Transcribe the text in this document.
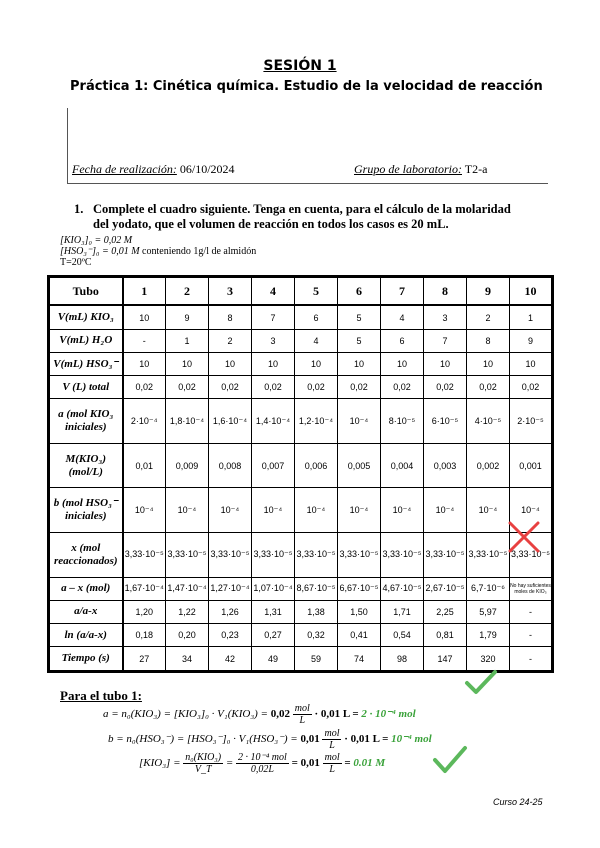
SESIÓN 1
Práctica 1: Cinética química. Estudio de la velocidad de reacción
Fecha de realización: 06/10/2024	Grupo de laboratorio: T2-a
1. Complete el cuadro siguiente. Tenga en cuenta, para el cálculo de la molaridad del yodato, que el volumen de reacción en todos los casos es 20 mL.
[KIO₃]₀ = 0,02 M
[HSO₃⁻]₀ = 0,01 M conteniendo 1g/l de almidón
T=20ºC
Tubo	1	2	3	4	5	6	7	8	9	10
V(mL) KIO₃	10	9	8	7	6	5	4	3	2	1
V(mL) H₂O	-	1	2	3	4	5	6	7	8	9
V(mL) HSO₃⁻	10	10	10	10	10	10	10	10	10	10
V (L) total	0,02	0,02	0,02	0,02	0,02	0,02	0,02	0,02	0,02	0,02
a (mol KIO₃ iniciales)	2·10⁻⁴	1,8·10⁻⁴	1,6·10⁻⁴	1,4·10⁻⁴	1,2·10⁻⁴	10⁻⁴	8·10⁻⁵	6·10⁻⁵	4·10⁻⁵	2·10⁻⁵
M(KIO₃) (mol/L)	0,01	0,009	0,008	0,007	0,006	0,005	0,004	0,003	0,002	0,001
b (mol HSO₃⁻ iniciales)	10⁻⁴	10⁻⁴	10⁻⁴	10⁻⁴	10⁻⁴	10⁻⁴	10⁻⁴	10⁻⁴	10⁻⁴	10⁻⁴
x (mol reaccionados)	3,33·10⁻⁵	3,33·10⁻⁵	3,33·10⁻⁵	3,33·10⁻⁵	3,33·10⁻⁵	3,33·10⁻⁵	3,33·10⁻⁵	3,33·10⁻⁵	3,33·10⁻⁵	3,33·10⁻⁵
a – x (mol)	1,67·10⁻⁴	1,47·10⁻⁴	1,27·10⁻⁴	1,07·10⁻⁴	8,67·10⁻⁵	6,67·10⁻⁵	4,67·10⁻⁵	2,67·10⁻⁵	6,7·10⁻⁶	No hay suficientes moles de KIO₃
a/a-x	1,20	1,22	1,26	1,31	1,38	1,50	1,71	2,25	5,97	-
ln (a/a-x)	0,18	0,20	0,23	0,27	0,32	0,41	0,54	0,81	1,79	-
Tiempo (s)	27	34	42	49	59	74	98	147	320	-
Para el tubo 1:
$a = n_0(KIO_3) = [KIO_3]_0 \cdot V_1(KIO_3) = 0,02 \frac{\text{mol}}{L} \cdot 0,01$ L = 2 · 10⁻⁴ mol
$b = n_0(HSO_3^-) = [HSO_3^-]_0 \cdot V_1(HSO_3^-) = 0,01 \frac{\text{mol}}{L} \cdot 0,01$ L = 10⁻⁴ mol
$[KIO_3] = \frac{\text{n₀(KIO₃)}}{V\_T} = \frac{\text{2 · 10⁻⁴ mol}}{0,02L} = 0,01 \frac{\text{mol}}{L} = 0.01$ M
Curso 24-25
